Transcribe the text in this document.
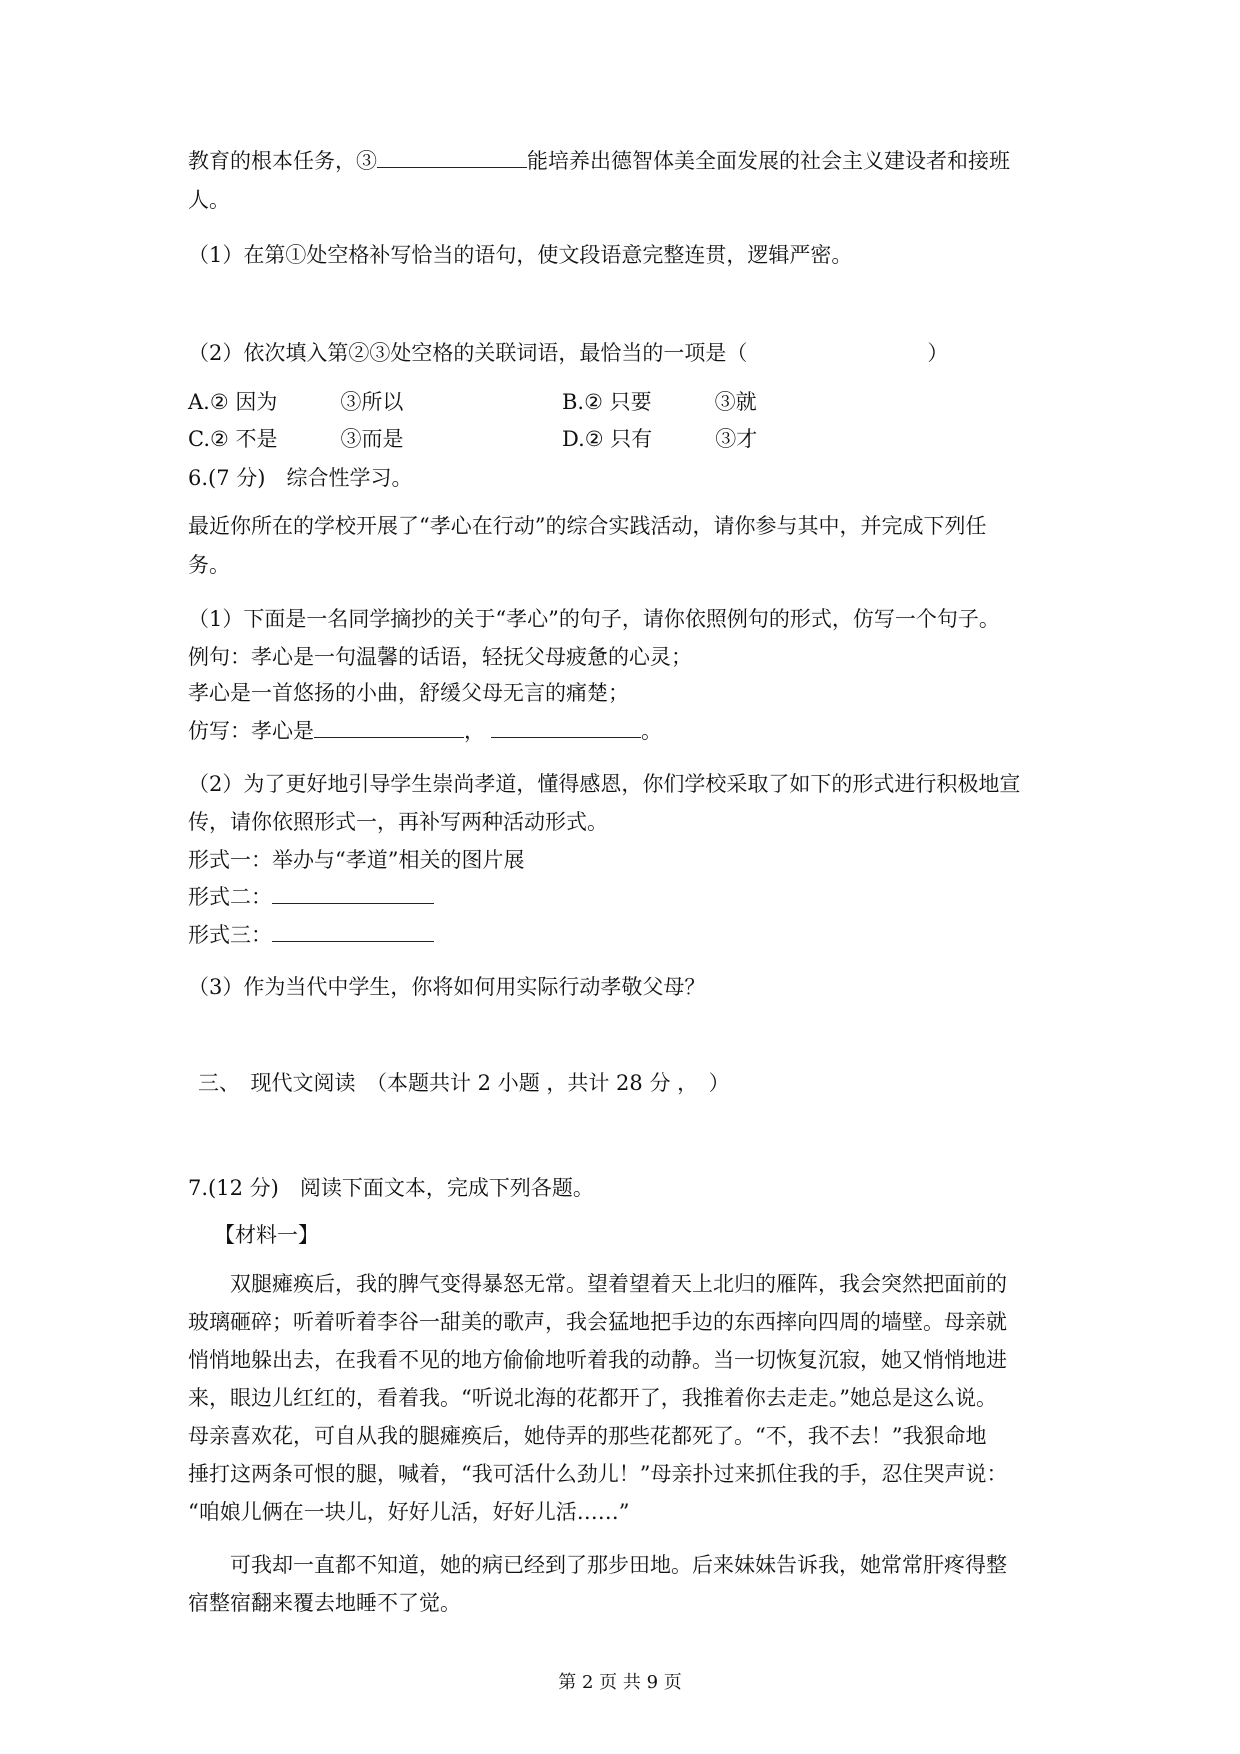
教育的根本任务，③	能培养出德智体美全面发展的社会主义建设者和接班
人。
（1）在第①处空格补写恰当的语句，使文段语意完整连贯，逻辑严密。
（2）依次填入第②③处空格的关联词语，最恰当的一项是（	）
A.② 因为　　　③所以	B.② 只要　　　③就
C.② 不是　　　③而是	D.② 只有　　　③才
6.(7 分)　综合性学习。
最近你所在的学校开展了“孝心在行动”的综合实践活动，请你参与其中，并完成下列任
务。
（1）下面是一名同学摘抄的关于“孝心”的句子，请你依照例句的形式，仿写一个句子。
例句：孝心是一句温馨的话语，轻抚父母疲惫的心灵；
孝心是一首悠扬的小曲，舒缓父母无言的痛楚；
仿写：孝心是	，	。
（2）为了更好地引导学生崇尚孝道，懂得感恩，你们学校采取了如下的形式进行积极地宣
传，请你依照形式一，再补写两种活动形式。
形式一：举办与“孝道”相关的图片展
形式二：
形式三：
（3）作为当代中学生，你将如何用实际行动孝敬父母？
三、　现代文阅读　（本题共计 2 小题 ，共计 28 分 ，　）
7.(12 分)　阅读下面文本，完成下列各题。
【材料一】
双腿瘫痪后，我的脾气变得暴怒无常。望着望着天上北归的雁阵，我会突然把面前的
玻璃砸碎；听着听着李谷一甜美的歌声，我会猛地把手边的东西摔向四周的墙壁。母亲就
悄悄地躲出去，在我看不见的地方偷偷地听着我的动静。当一切恢复沉寂，她又悄悄地进
来，眼边儿红红的，看着我。“听说北海的花都开了，我推着你去走走。”她总是这么说。
母亲喜欢花，可自从我的腿瘫痪后，她侍弄的那些花都死了。“不，我不去！”我狠命地
捶打这两条可恨的腿，喊着，“我可活什么劲儿！”母亲扑过来抓住我的手，忍住哭声说：
“咱娘儿俩在一块儿，好好儿活，好好儿活……”
可我却一直都不知道，她的病已经到了那步田地。后来妹妹告诉我，她常常肝疼得整
宿整宿翻来覆去地睡不了觉。
第 2 页 共 9 页
